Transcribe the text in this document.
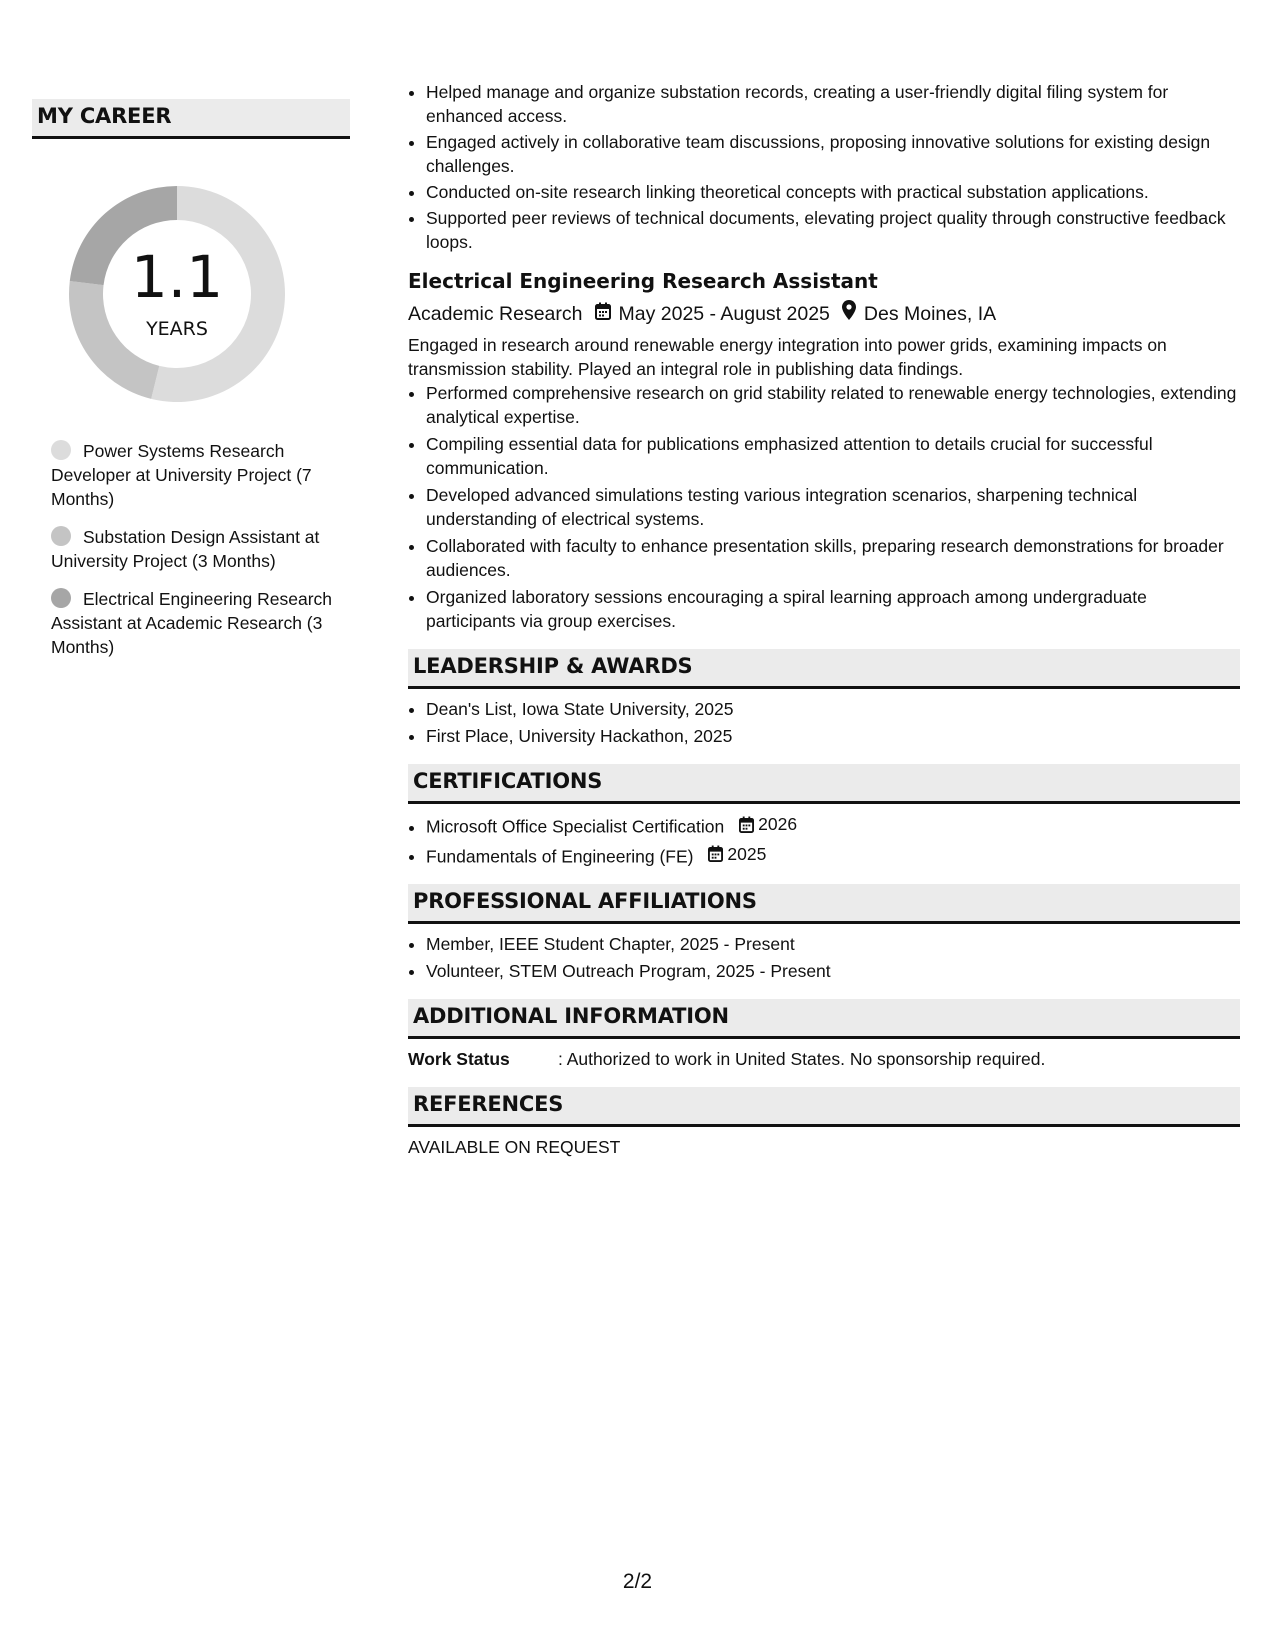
MY CAREER
1.1
YEARS
Power Systems Research Developer at University Project (7 Months)
Substation Design Assistant at University Project (3 Months)
Electrical Engineering Research Assistant at Academic Research (3 Months)
• Helped manage and organize substation records, creating a user-friendly digital filing system for enhanced access.
• Engaged actively in collaborative team discussions, proposing innovative solutions for existing design challenges.
• Conducted on-site research linking theoretical concepts with practical substation applications.
• Supported peer reviews of technical documents, elevating project quality through constructive feedback loops.
Electrical Engineering Research Assistant
Academic Research May 2025 - August 2025 Des Moines, IA
Engaged in research around renewable energy integration into power grids, examining impacts on transmission stability. Played an integral role in publishing data findings.
• Performed comprehensive research on grid stability related to renewable energy technologies, extending analytical expertise.
• Compiling essential data for publications emphasized attention to details crucial for successful communication.
• Developed advanced simulations testing various integration scenarios, sharpening technical understanding of electrical systems.
• Collaborated with faculty to enhance presentation skills, preparing research demonstrations for broader audiences.
• Organized laboratory sessions encouraging a spiral learning approach among undergraduate participants via group exercises.
LEADERSHIP & AWARDS
• Dean's List, Iowa State University, 2025
• First Place, University Hackathon, 2025
CERTIFICATIONS
• Microsoft Office Specialist Certification 2026
• Fundamentals of Engineering (FE) 2025
PROFESSIONAL AFFILIATIONS
• Member, IEEE Student Chapter, 2025 - Present
• Volunteer, STEM Outreach Program, 2025 - Present
ADDITIONAL INFORMATION
Work Status	: Authorized to work in United States. No sponsorship required.
REFERENCES
AVAILABLE ON REQUEST
2/2
